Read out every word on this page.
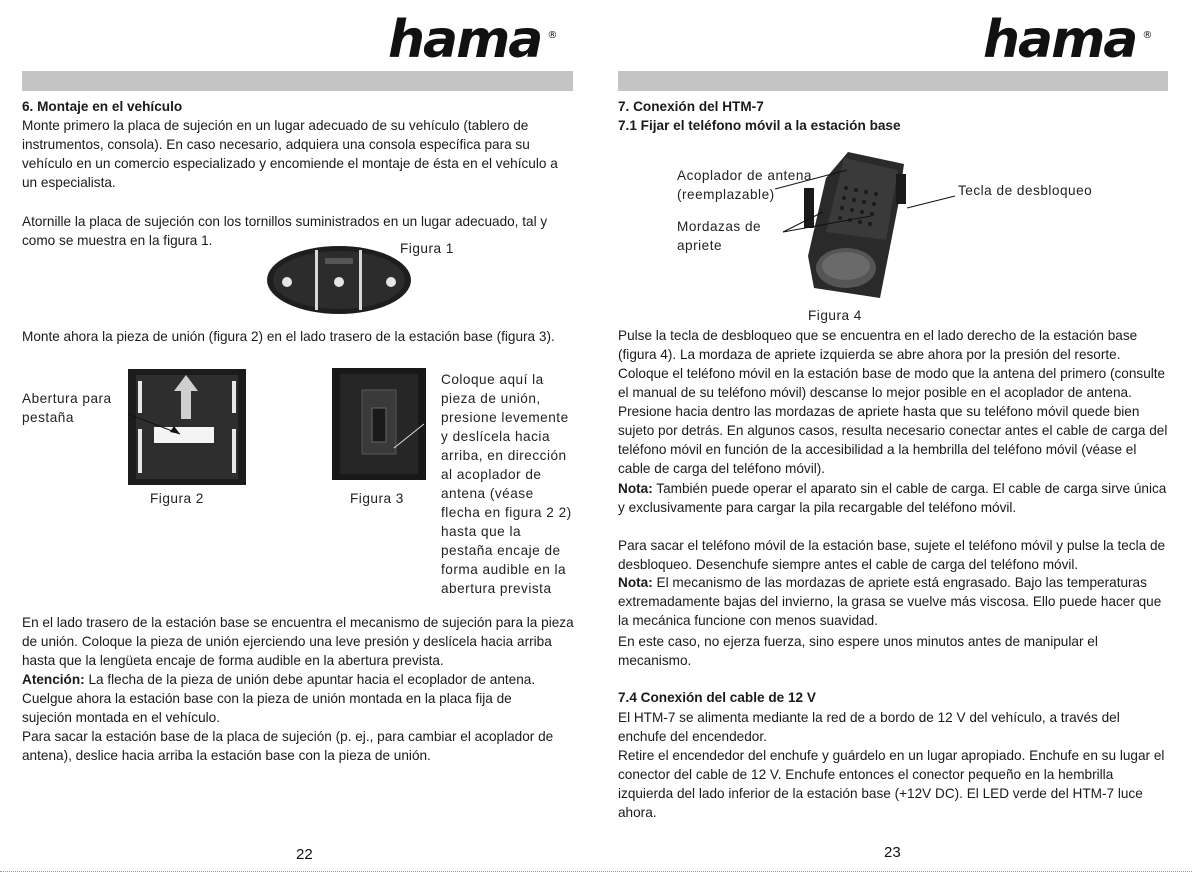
hama ®
6. Montaje en el vehículo

Monte primero la placa de sujeción en un lugar adecuado de su vehículo (tablero de instrumentos, consola). En caso necesario, adquiera una consola específica para su vehículo en un comercio especializado y encomiende el montaje de ésta en el vehículo a un especialista.

Atornille la placa de sujeción con los tornillos suministrados en un lugar adecuado, tal y como se muestra en la figura 1.

Figura 1

Monte ahora la pieza de unión (figura 2) en el lado trasero de la estación base (figura 3).

Abertura para pestaña
Figura 2	Figura 3

Coloque aquí la pieza de unión, presione levemente y deslícela hacia arriba, en dirección al acoplador de antena (véase flecha en figura 2 2) hasta que la pestaña encaje de forma audible en la abertura prevista

En el lado trasero de la estación base se encuentra el mecanismo de sujeción para la pieza de unión. Coloque la pieza de unión ejerciendo una leve presión y deslícela hacia arriba hasta que la lengüeta encaje de forma audible en la abertura prevista.

Atención: La flecha de la pieza de unión debe apuntar hacia el ecoplador de antena.

Cuelgue ahora la estación base con la pieza de unión montada en la placa fija de sujeción montada en el vehículo.

Para sacar la estación base de la placa de sujeción (p. ej., para cambiar el acoplador de antena), deslice hacia arriba la estación base con la pieza de unión.

22
hama ®
7. Conexión del HTM-7
7.1 Fijar el teléfono móvil a la estación base

Acoplador de antena (reemplazable)	Tecla de desbloqueo

Mordazas de apriete

Figura 4

Pulse la tecla de desbloqueo que se encuentra en el lado derecho de la estación base (figura 4). La mordaza de apriete izquierda se abre ahora por la presión del resorte. Coloque el teléfono móvil en la estación base de modo que la antena del primero (consulte el manual de su teléfono móvil) descanse lo mejor posible en el acoplador de antena. Presione hacia dentro las mordazas de apriete hasta que su teléfono móvil quede bien sujeto por detrás. En algunos casos, resulta necesario conectar antes el cable de carga del teléfono móvil en función de la accesibilidad a la hembrilla del teléfono móvil (véase el cable de carga del teléfono móvil).

Nota: También puede operar el aparato sin el cable de carga. El cable de carga sirve única y exclusivamente para cargar la pila recargable del teléfono móvil.

Para sacar el teléfono móvil de la estación base, sujete el teléfono móvil y pulse la tecla de desbloqueo. Desenchufe siempre antes el cable de carga del teléfono móvil.

Nota: El mecanismo de las mordazas de apriete está engrasado. Bajo las temperaturas extremadamente bajas del invierno, la grasa se vuelve más viscosa. Ello puede hacer que la mecánica funcione con menos suavidad.

En este caso, no ejerza fuerza, sino espere unos minutos antes de manipular el mecanismo.

7.4 Conexión del cable de 12 V

El HTM-7 se alimenta mediante la red de a bordo de 12 V del vehículo, a través del enchufe del encendedor.

Retire el encendedor del enchufe y guárdelo en un lugar apropiado. Enchufe en su lugar el conector del cable de 12 V. Enchufe entonces el conector pequeño en la hembrilla izquierda del lado inferior de la estación base (+12V DC). El LED verde del HTM-7 luce ahora.

23
